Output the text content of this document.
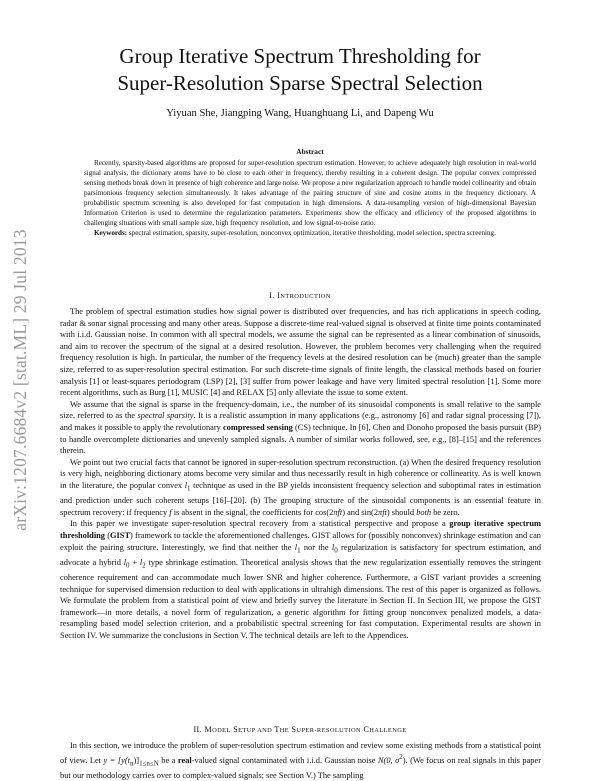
arXiv:1207.6684v2 [stat.ML] 29 Jul 2013
Group Iterative Spectrum Thresholding for
Super-Resolution Sparse Spectral Selection
Yiyuan She, Jiangping Wang, Huanghuang Li, and Dapeng Wu
Abstract

Recently, sparsity-based algorithms are proposed for super-resolution spectrum estimation. However, to achieve adequately high resolution in real-world signal analysis, the dictionary atoms have to be close to each other in frequency, thereby resulting in a coherent design. The popular convex compressed sensing methods break down in presence of high coherence and large noise. We propose a new regularization approach to handle model collinearity and obtain parsimonious frequency selection simultaneously. It takes advantage of the pairing structure of sine and cosine atoms in the frequency dictionary. A probabilistic spectrum screening is also developed for fast computation in high dimensions. A data-resampling version of high-dimensional Bayesian Information Criterion is used to determine the regularization parameters. Experiments show the efficacy and efficiency of the proposed algorithms in challenging situations with small sample size, high frequency resolution, and low signal-to-noise ratio.

Keywords: spectral estimation, sparsity, super-resolution, nonconvex optimization, iterative thresholding, model selection, spectra screening.

I. INTRODUCTION

The problem of spectral estimation studies how signal power is distributed over frequencies, and has rich applications in speech coding, radar & sonar signal processing and many other areas. Suppose a discrete-time real-valued signal is observed at finite time points contaminated with i.i.d. Gaussian noise. In common with all spectral models, we assume the signal can be represented as a linear combination of sinusoids, and aim to recover the spectrum of the signal at a desired resolution. However, the problem becomes very challenging when the required frequency resolution is high. In particular, the number of the frequency levels at the desired resolution can be (much) greater than the sample size, referred to as super-resolution spectral estimation. For such discrete-time signals of finite length, the classical methods based on fourier analysis [1] or least-squares periodogram (LSP) [2], [3] suffer from power leakage and have very limited spectral resolution [1]. Some more recent algorithms, such as Burg [1], MUSIC [4] and RELAX [5] only alleviate the issue to some extent.

We assume that the signal is sparse in the frequency-domain, i.e., the number of its sinusoidal components is small relative to the sample size, referred to as the spectral sparsity. It is a realistic assumption in many applications (e.g., astronomy [6] and radar signal processing [7]), and makes it possible to apply the revolutionary compressed sensing (CS) technique. In [6], Chen and Donoho proposed the basis pursuit (BP) to handle overcomplete dictionaries and unevenly sampled signals. A number of similar works followed, see, e.g., [8]–[15] and the references therein.

We point out two crucial facts that cannot be ignored in super-resolution spectrum reconstruction. (a) When the desired frequency resolution is very high, neighboring dictionary atoms become very similar and thus necessarily result in high coherence or collinearity. As is well known in the literature, the popular convex $l_1$ technique as used in the BP yields inconsistent frequency selection and suboptimal rates in estimation and prediction under such coherent setups [16]–[20]. (b) The grouping structure of the sinusoidal components is an essential feature in spectrum recovery: if frequency f is absent in the signal, the coefficients for cos(2πft) and sin(2πft) should both be zero.

In this paper we investigate super-resolution spectral recovery from a statistical perspective and propose a group iterative spectrum thresholding (GIST) framework to tackle the aforementioned challenges. GIST allows for (possibly nonconvex) shrinkage estimation and can exploit the pairing structure. Interestingly, we find that neither the $l_1$ nor the $l_0$ regularization is satisfactory for spectrum estimation, and advocate a hybrid $l_0 + l_2$ type shrinkage estimation. Theoretical analysis shows that the new regularization essentially removes the stringent coherence requirement and can accommodate much lower SNR and higher coherence. Furthermore, a GIST variant provides a screening technique for supervised dimension reduction to deal with applications in ultrahigh dimensions. The rest of this paper is organized as follows. We formulate the problem from a statistical point of view and briefly survey the literature in Section II. In Section III, we propose the GIST framework—in more details, a novel form of regularization, a generic algorithm for fitting group nonconvex penalized models, a data-resampling based model selection criterion, and a probabilistic spectral screening for fast computation. Experimental results are shown in Section IV. We summarize the conclusions in Section V. The technical details are left to the Appendices.

II. MODEL SETUP AND THE SUPER-RESOLUTION CHALLENGE

In this section, we introduce the problem of super-resolution spectrum estimation and review some existing methods from a statistical point of view. Let $y = [y(t_n)]_{1\le n\le N}$ be a real-valued signal contaminated with i.i.d. Gaussian noise N(0, $\sigma^2$). (We focus on real signals in this paper but our methodology carries over to complex-valued signals; see Section V.) The sampling
